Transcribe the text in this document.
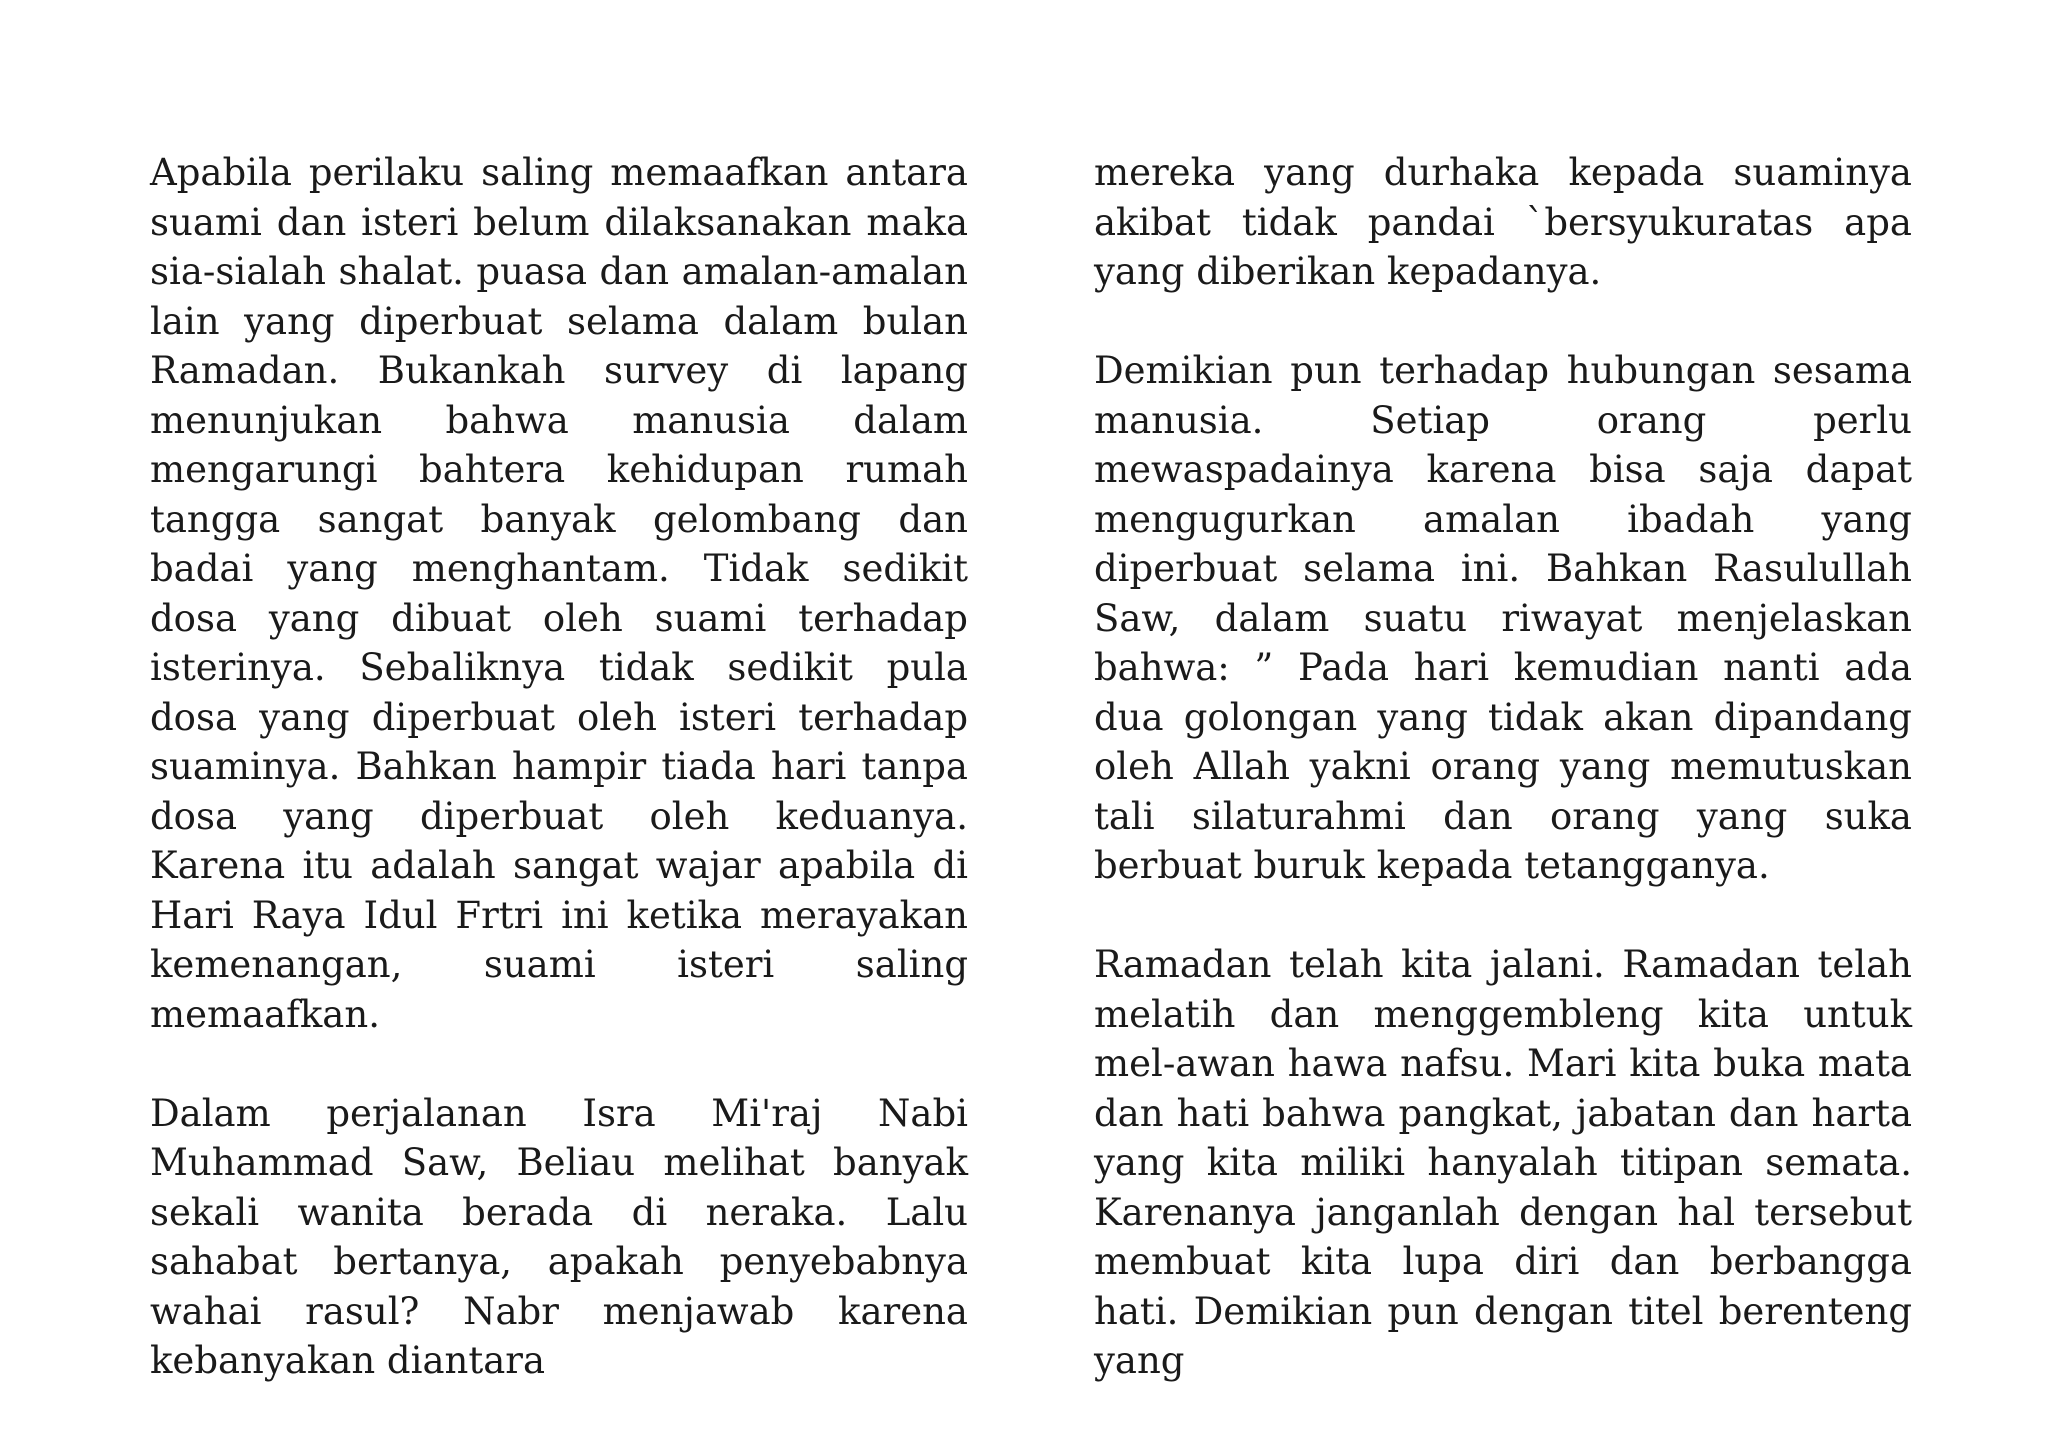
Apabila perilaku saling memaafkan antara suami dan isteri belum dilaksanakan maka sia-sialah shalat. puasa dan amalan-amalan lain yang diperbuat selama dalam bulan Ramadan. Bukankah survey di lapang menunjukan bahwa manusia dalam mengarungi bahtera kehidupan rumah tangga sangat banyak gelombang dan badai yang menghantam. Tidak sedikit dosa yang dibuat oleh suami terhadap isterinya. Sebaliknya tidak sedikit pula dosa yang diperbuat oleh isteri terhadap suaminya. Bahkan hampir tiada hari tanpa dosa yang diperbuat oleh keduanya. Karena itu adalah sangat wajar apabila di Hari Raya Idul Frtri ini ketika merayakan kemenangan, suami isteri saling memaafkan.

Dalam perjalanan Isra Mi'raj Nabi Muhammad Saw, Beliau melihat banyak sekali wanita berada di neraka. Lalu sahabat bertanya, apakah penyebabnya wahai rasul? Nabr menjawab karena kebanyakan diantara

mereka yang durhaka kepada suaminya akibat tidak pandai `bersyukuratas apa yang diberikan kepadanya.

Demikian pun terhadap hubungan sesama manusia. Setiap orang perlu mewaspadainya karena bisa saja dapat mengugurkan amalan ibadah yang diperbuat selama ini. Bahkan Rasulullah Saw, dalam suatu riwayat menjelaskan bahwa: ” Pada hari kemudian nanti ada dua golongan yang tidak akan dipandang oleh Allah yakni orang yang memutuskan tali silaturahmi dan orang yang suka berbuat buruk kepada tetangganya.

Ramadan telah kita jalani. Ramadan telah melatih dan menggembleng kita untuk mel-awan hawa nafsu. Mari kita buka mata dan hati bahwa pangkat, jabatan dan harta yang kita miliki hanyalah titipan semata. Karenanya janganlah dengan hal tersebut membuat kita lupa diri dan berbangga hati. Demikian pun dengan titel berenteng yang
